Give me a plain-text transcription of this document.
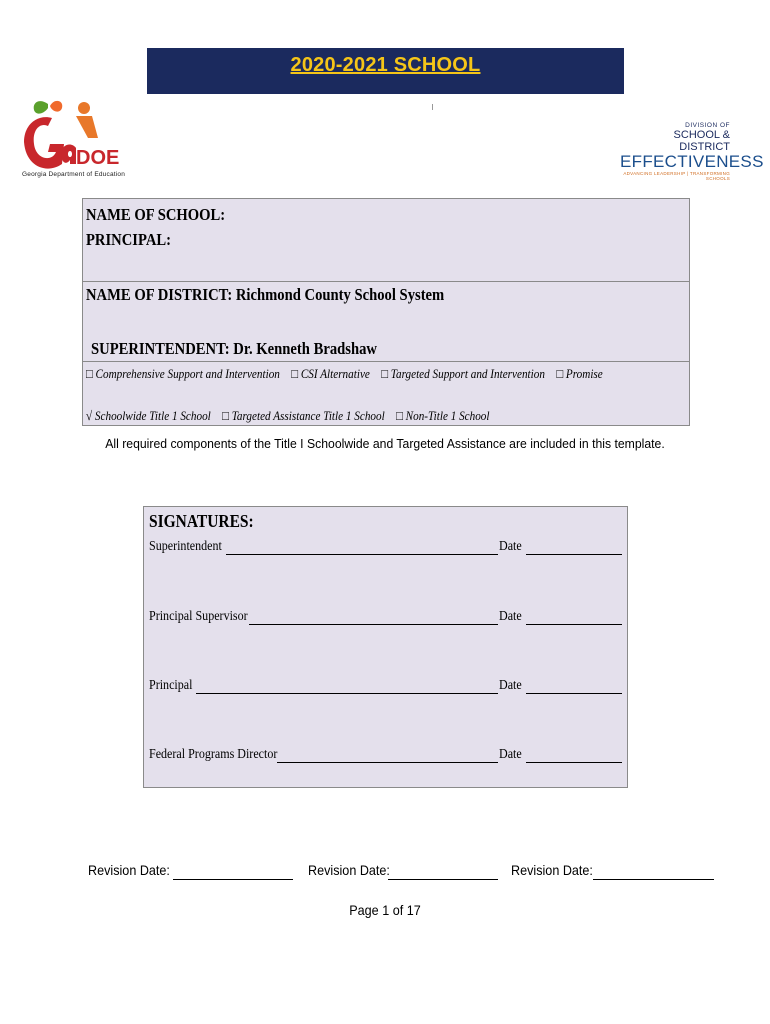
2020-2021 SCHOOL
DOE
Georgia Department of Education
DIVISION OF
SCHOOL & DISTRICT
EFFECTIVENESS
ADVANCING LEADERSHIP | TRANSFORMING SCHOOLS
NAME OF SCHOOL:
PRINCIPAL:
NAME OF DISTRICT: Richmond County School System
SUPERINTENDENT: Dr. Kenneth Bradshaw
□ Comprehensive Support and Intervention □ CSI Alternative □ Targeted Support and Intervention □ Promise
√ Schoolwide Title 1 School □ Targeted Assistance Title 1 School □ Non-Title 1 School
All required components of the Title I Schoolwide and Targeted Assistance are included in this template.
SIGNATURES:
Superintendent	Date
Principal Supervisor	Date
Principal	Date
Federal Programs Director	Date
Revision Date:	Revision Date:	Revision Date:
Page 1 of 17
